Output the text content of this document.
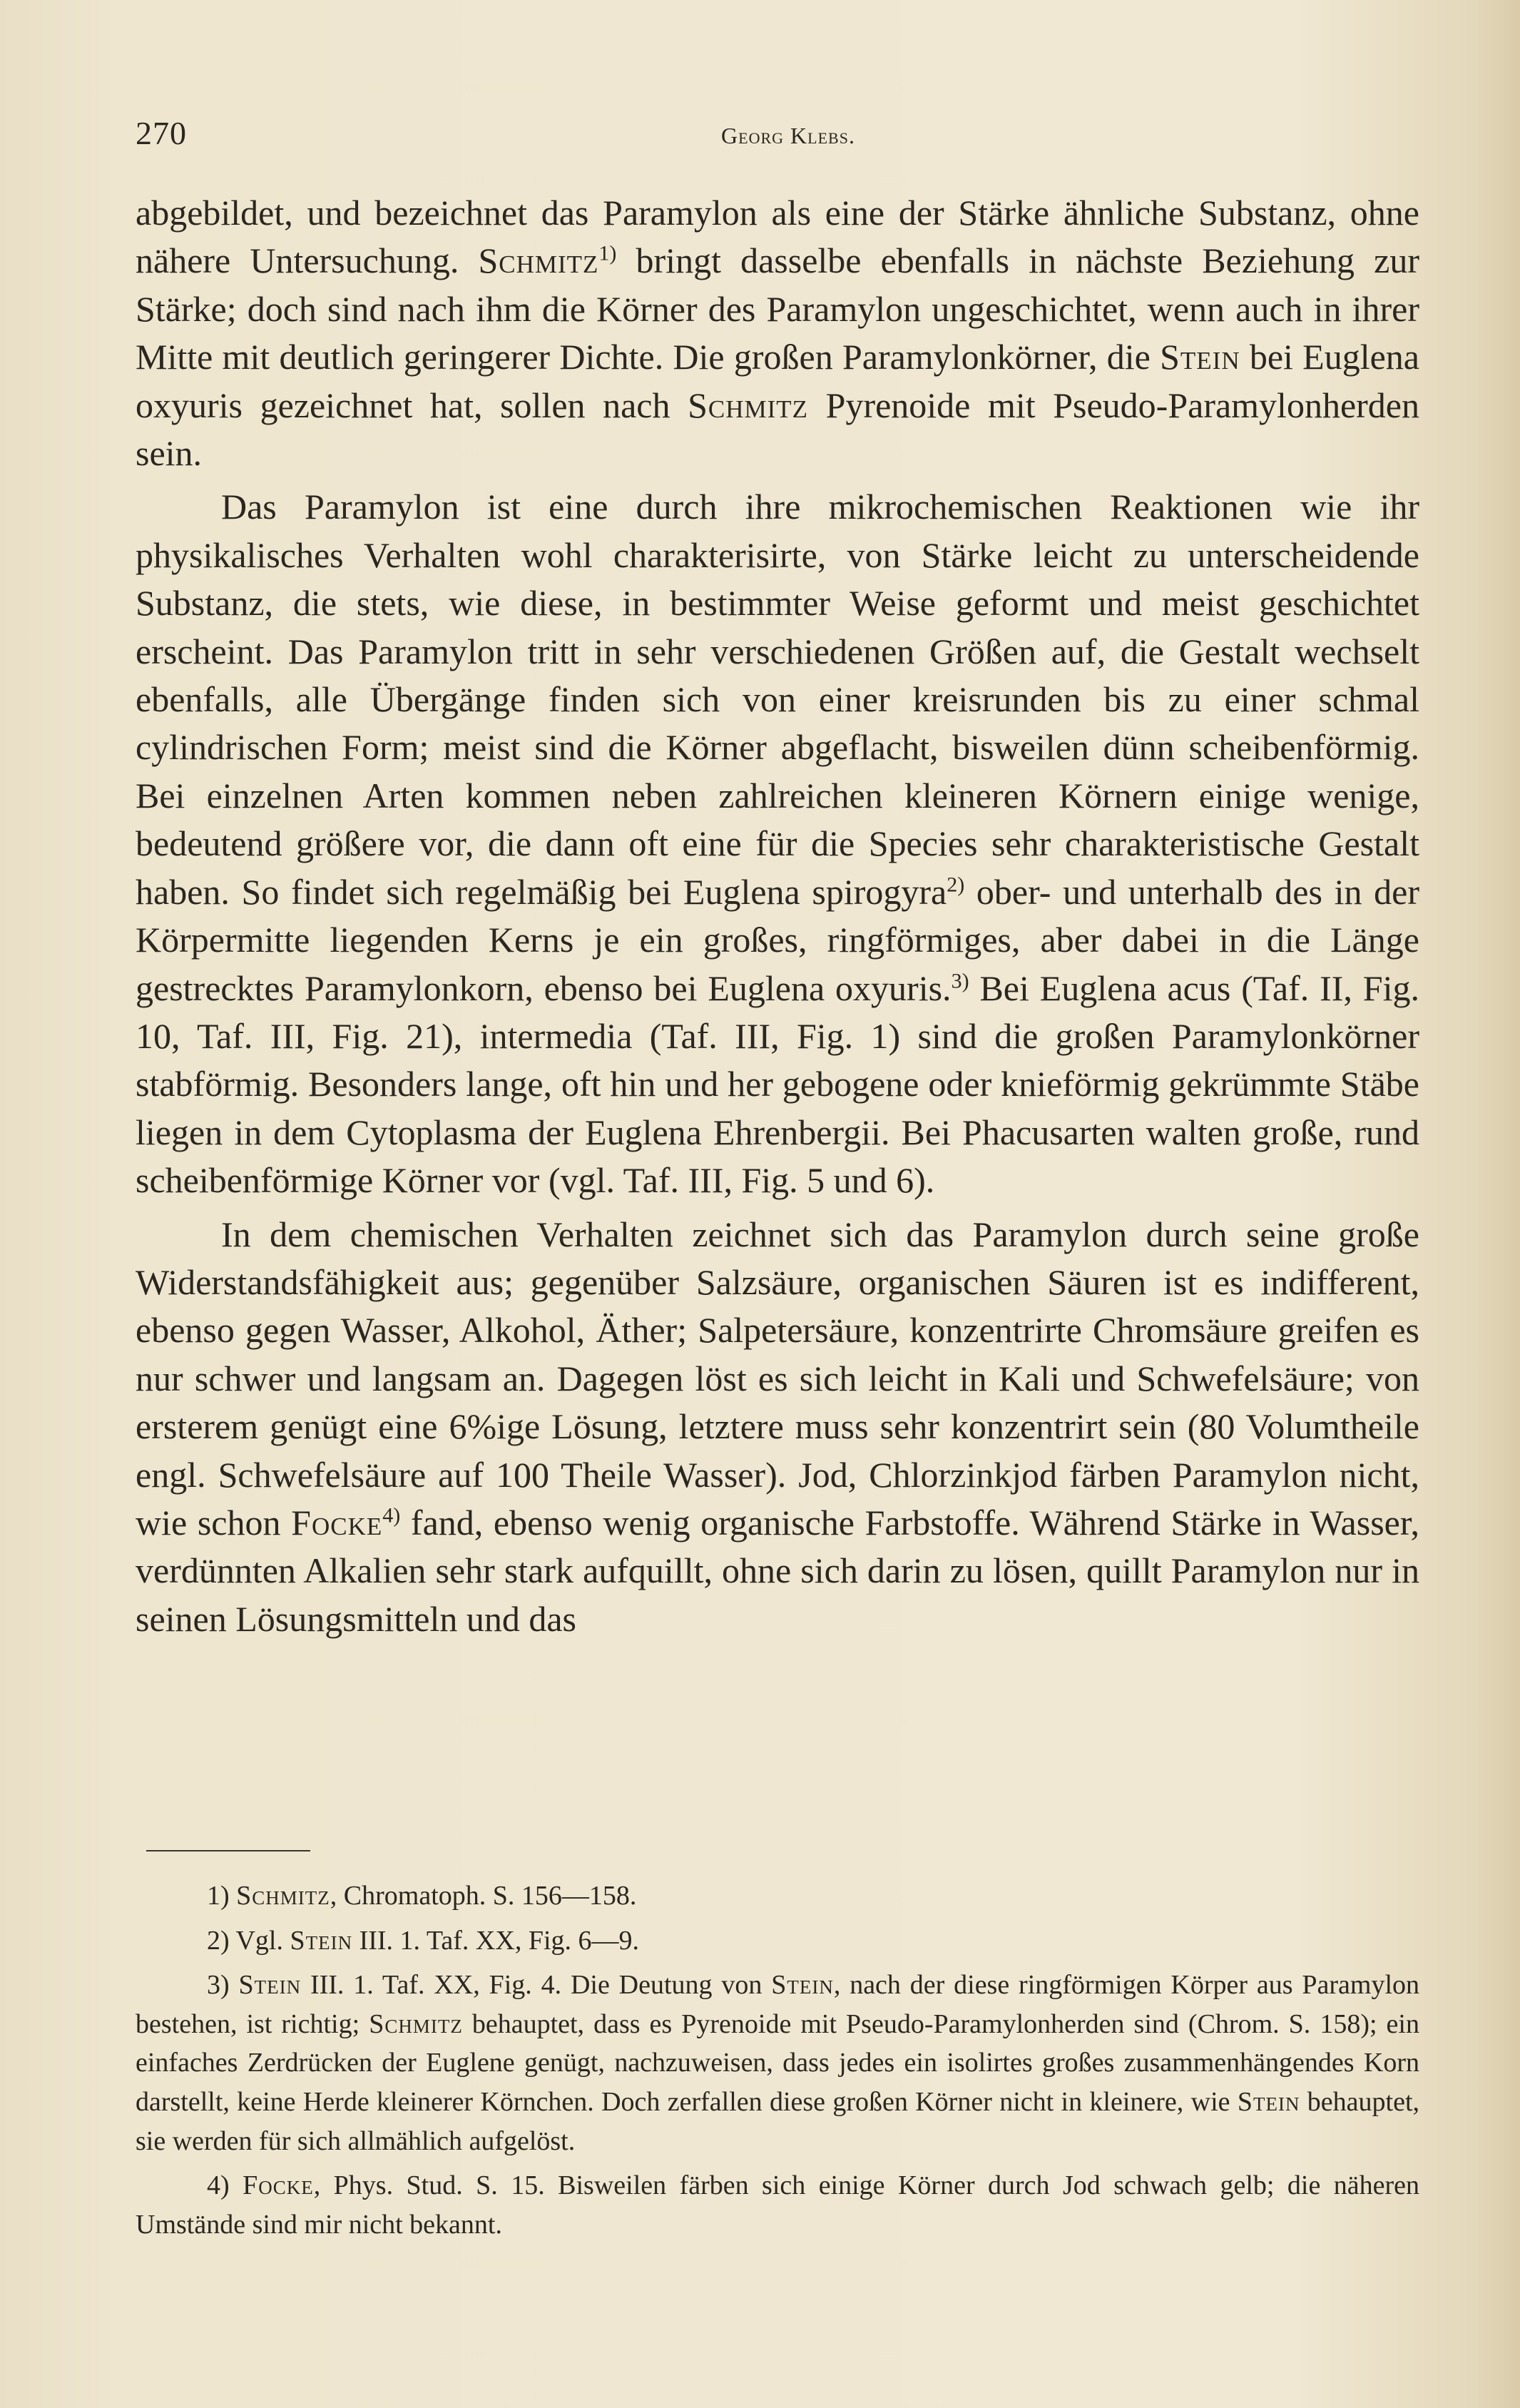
270	Georg Klebs.

abgebildet, und bezeichnet das Paramylon als eine der Stärke ähnliche Substanz, ohne nähere Untersuchung. Schmitz$^{1)}$ bringt dasselbe ebenfalls in nächste Beziehung zur Stärke; doch sind nach ihm die Körner des Paramylon ungeschichtet, wenn auch in ihrer Mitte mit deutlich geringerer Dichte. Die großen Paramylonkörner, die Stein bei Euglena oxyuris gezeichnet hat, sollen nach Schmitz Pyrenoide mit Pseudo-Paramylonherden sein.

Das Paramylon ist eine durch ihre mikrochemischen Reaktionen wie ihr physikalisches Verhalten wohl charakterisirte, von Stärke leicht zu unterscheidende Substanz, die stets, wie diese, in bestimmter Weise geformt und meist geschichtet erscheint. Das Paramylon tritt in sehr verschiedenen Größen auf, die Gestalt wechselt ebenfalls, alle Übergänge finden sich von einer kreisrunden bis zu einer schmal cylindrischen Form; meist sind die Körner abgeflacht, bisweilen dünn scheibenförmig. Bei einzelnen Arten kommen neben zahlreichen kleineren Körnern einige wenige, bedeutend größere vor, die dann oft eine für die Species sehr charakteristische Gestalt haben. So findet sich regelmäßig bei Euglena spirogyra$^{2)}$ ober- und unterhalb des in der Körpermitte liegenden Kerns je ein großes, ringförmiges, aber dabei in die Länge gestrecktes Paramylonkorn, ebenso bei Euglena oxyuris.$^{3)}$ Bei Euglena acus (Taf. II, Fig. 10, Taf. III, Fig. 21), intermedia (Taf. III, Fig. 1) sind die großen Paramylonkörner stabförmig. Besonders lange, oft hin und her gebogene oder knieförmig gekrümmte Stäbe liegen in dem Cytoplasma der Euglena Ehrenbergii. Bei Phacusarten walten große, rund scheibenförmige Körner vor (vgl. Taf. III, Fig. 5 und 6).

In dem chemischen Verhalten zeichnet sich das Paramylon durch seine große Widerstandsfähigkeit aus; gegenüber Salzsäure, organischen Säuren ist es indifferent, ebenso gegen Wasser, Alkohol, Äther; Salpetersäure, konzentrirte Chromsäure greifen es nur schwer und langsam an. Dagegen löst es sich leicht in Kali und Schwefelsäure; von ersterem genügt eine 6%ige Lösung, letztere muss sehr konzentrirt sein (80 Volumtheile engl. Schwefelsäure auf 100 Theile Wasser). Jod, Chlorzinkjod färben Paramylon nicht, wie schon Focke$^{4)}$ fand, ebenso wenig organische Farbstoffe. Während Stärke in Wasser, verdünnten Alkalien sehr stark aufquillt, ohne sich darin zu lösen, quillt Paramylon nur in seinen Lösungsmitteln und das

1) Schmitz, Chromatoph. S. 156—158.

2) Vgl. Stein III. 1. Taf. XX, Fig. 6—9.

3) Stein III. 1. Taf. XX, Fig. 4. Die Deutung von Stein, nach der diese ringförmigen Körper aus Paramylon bestehen, ist richtig; Schmitz behauptet, dass es Pyrenoide mit Pseudo-Paramylonherden sind (Chrom. S. 158); ein einfaches Zerdrücken der Euglene genügt, nachzuweisen, dass jedes ein isolirtes großes zusammenhängendes Korn darstellt, keine Herde kleinerer Körnchen. Doch zerfallen diese großen Körner nicht in kleinere, wie Stein behauptet, sie werden für sich allmählich aufgelöst.

4) Focke, Phys. Stud. S. 15. Bisweilen färben sich einige Körner durch Jod schwach gelb; die näheren Umstände sind mir nicht bekannt.
